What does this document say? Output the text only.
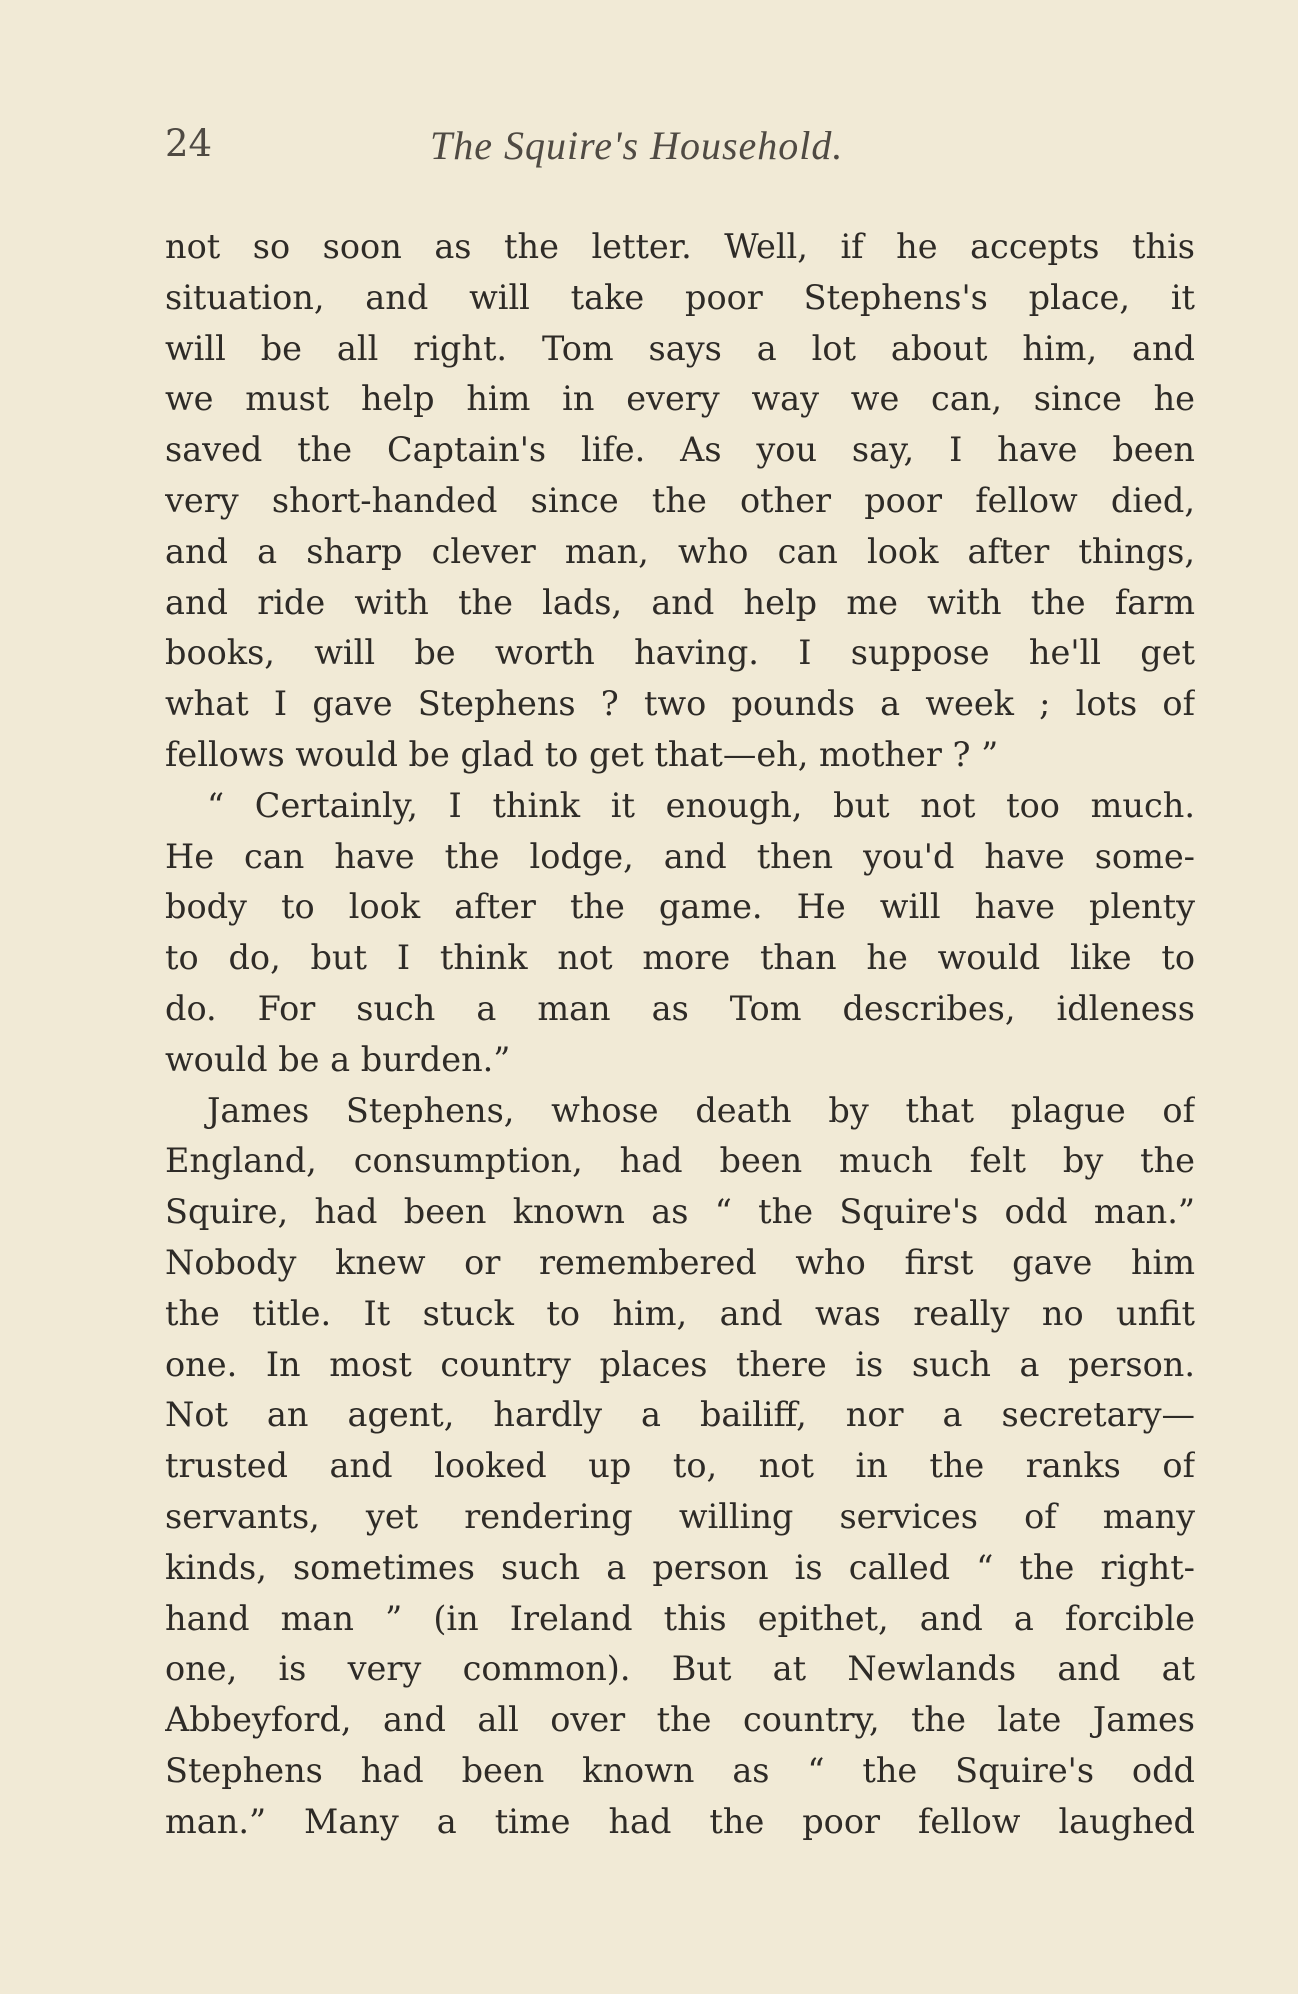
24	The Squire's Household.
not so soon as the letter. Well, if he accepts this
situation, and will take poor Stephens's place, it
will be all right. Tom says a lot about him, and
we must help him in every way we can, since he
saved the Captain's life. As you say, I have been
very short-handed since the other poor fellow died,
and a sharp clever man, who can look after things,
and ride with the lads, and help me with the farm
books, will be worth having. I suppose he'll get
what I gave Stephens ? two pounds a week ; lots of
fellows would be glad to get that—eh, mother ? ”
“ Certainly, I think it enough, but not too much.
He can have the lodge, and then you'd have some-
body to look after the game. He will have plenty
to do, but I think not more than he would like to
do. For such a man as Tom describes, idleness
would be a burden.”
James Stephens, whose death by that plague of
England, consumption, had been much felt by the
Squire, had been known as “ the Squire's odd man.”
Nobody knew or remembered who first gave him
the title. It stuck to him, and was really no unfit
one. In most country places there is such a person.
Not an agent, hardly a bailiff, nor a secretary—
trusted and looked up to, not in the ranks of
servants, yet rendering willing services of many
kinds, sometimes such a person is called “ the right-
hand man ” (in Ireland this epithet, and a forcible
one, is very common). But at Newlands and at
Abbeyford, and all over the country, the late James
Stephens had been known as “ the Squire's odd
man.” Many a time had the poor fellow laughed
